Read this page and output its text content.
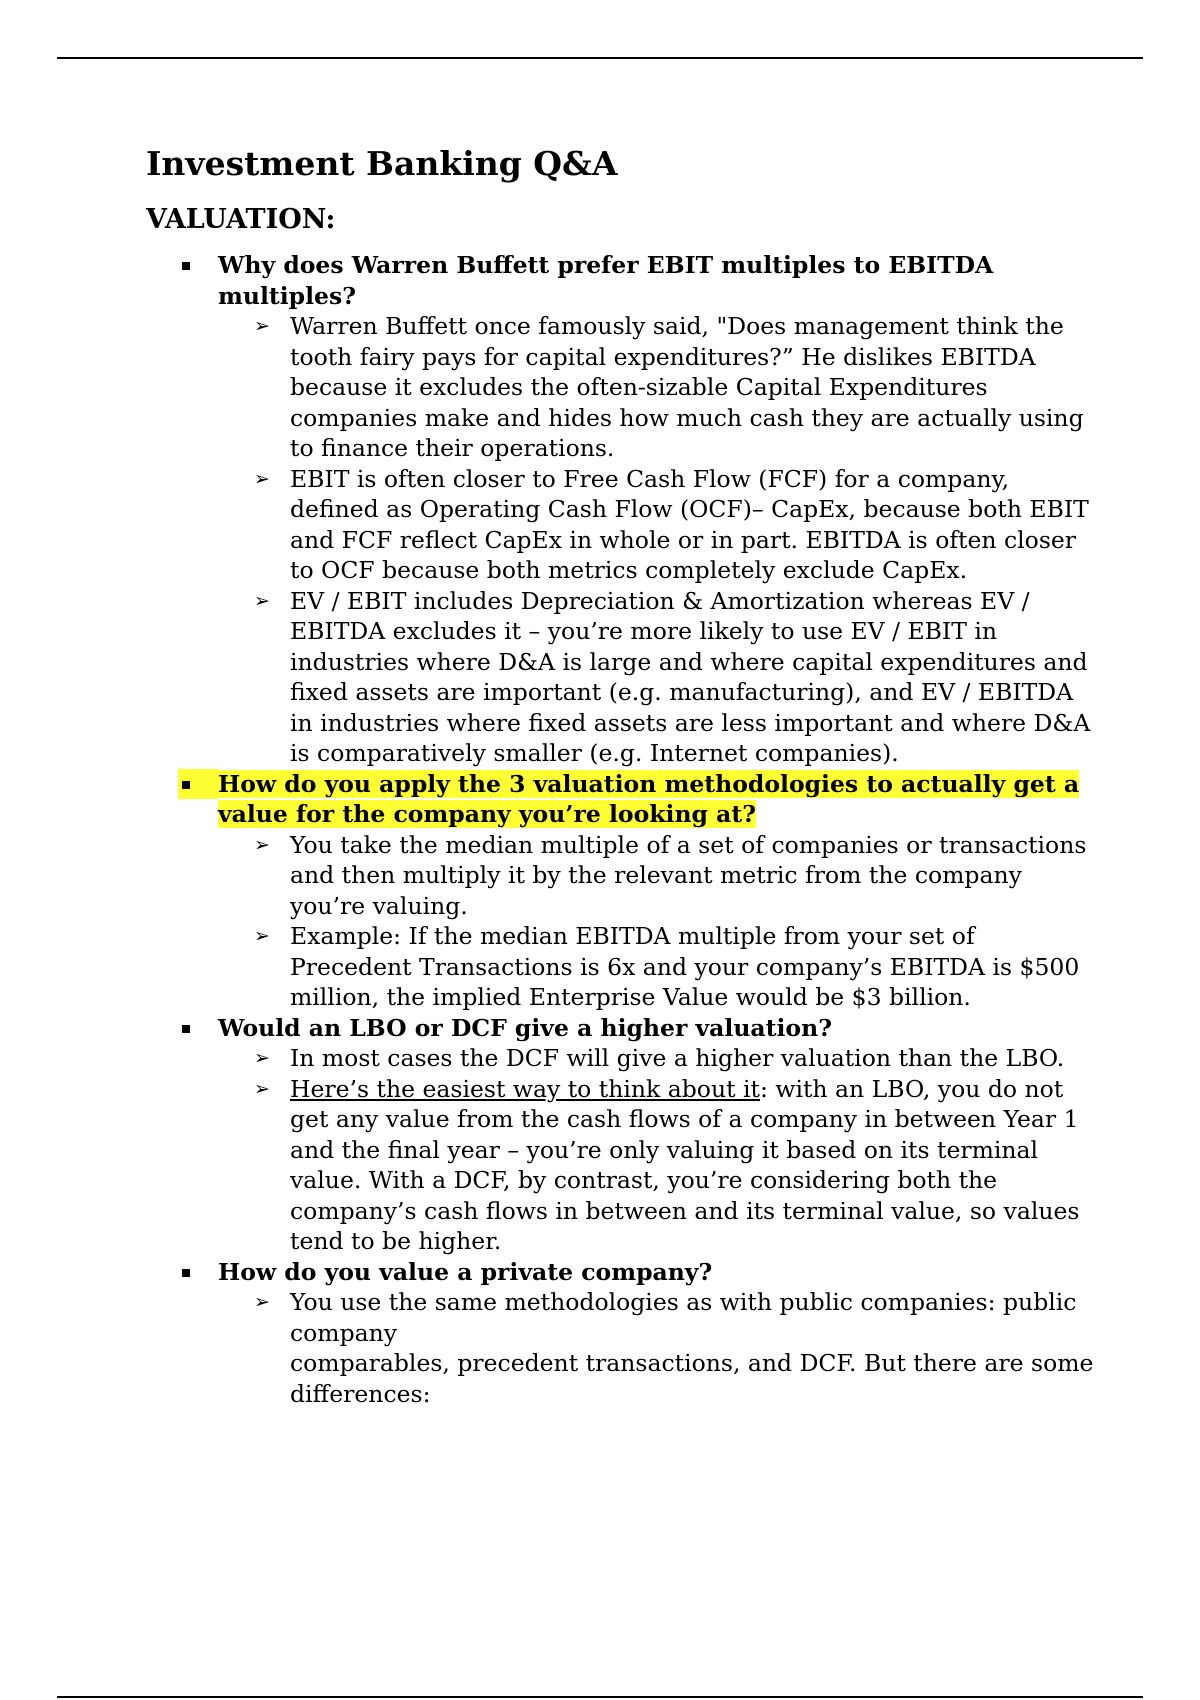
Investment Banking Q&A
VALUATION:

Why does Warren Buffett prefer EBIT multiples to EBITDA multiples?

➢ Warren Buffett once famously said, "Does management think the tooth fairy pays for capital expenditures?” He dislikes EBITDA because it excludes the often-sizable Capital Expenditures companies make and hides how much cash they are actually using to finance their operations.
➢ EBIT is often closer to Free Cash Flow (FCF) for a company, defined as Operating Cash Flow (OCF)– CapEx, because both EBIT and FCF reflect CapEx in whole or in part. EBITDA is often closer to OCF because both metrics completely exclude CapEx.
➢ EV / EBIT includes Depreciation & Amortization whereas EV / EBITDA excludes it – you’re more likely to use EV / EBIT in industries where D&A is large and where capital expenditures and fixed assets are important (e.g. manufacturing), and EV / EBITDA in industries where fixed assets are less important and where D&A is comparatively smaller (e.g. Internet companies).

How do you apply the 3 valuation methodologies to actually get a value for the company you’re looking at?

➢ You take the median multiple of a set of companies or transactions and then multiply it by the relevant metric from the company you’re valuing.
➢ Example: If the median EBITDA multiple from your set of Precedent Transactions is 6x and your company’s EBITDA is $500 million, the implied Enterprise Value would be $3 billion.

Would an LBO or DCF give a higher valuation?

➢ In most cases the DCF will give a higher valuation than the LBO.
➢ Here’s the easiest way to think about it: with an LBO, you do not get any value from the cash flows of a company in between Year 1 and the final year – you’re only valuing it based on its terminal value. With a DCF, by contrast, you’re considering both the company’s cash flows in between and its terminal value, so values tend to be higher.

How do you value a private company?

➢ You use the same methodologies as with public companies: public company
comparables, precedent transactions, and DCF. But there are some differences:
